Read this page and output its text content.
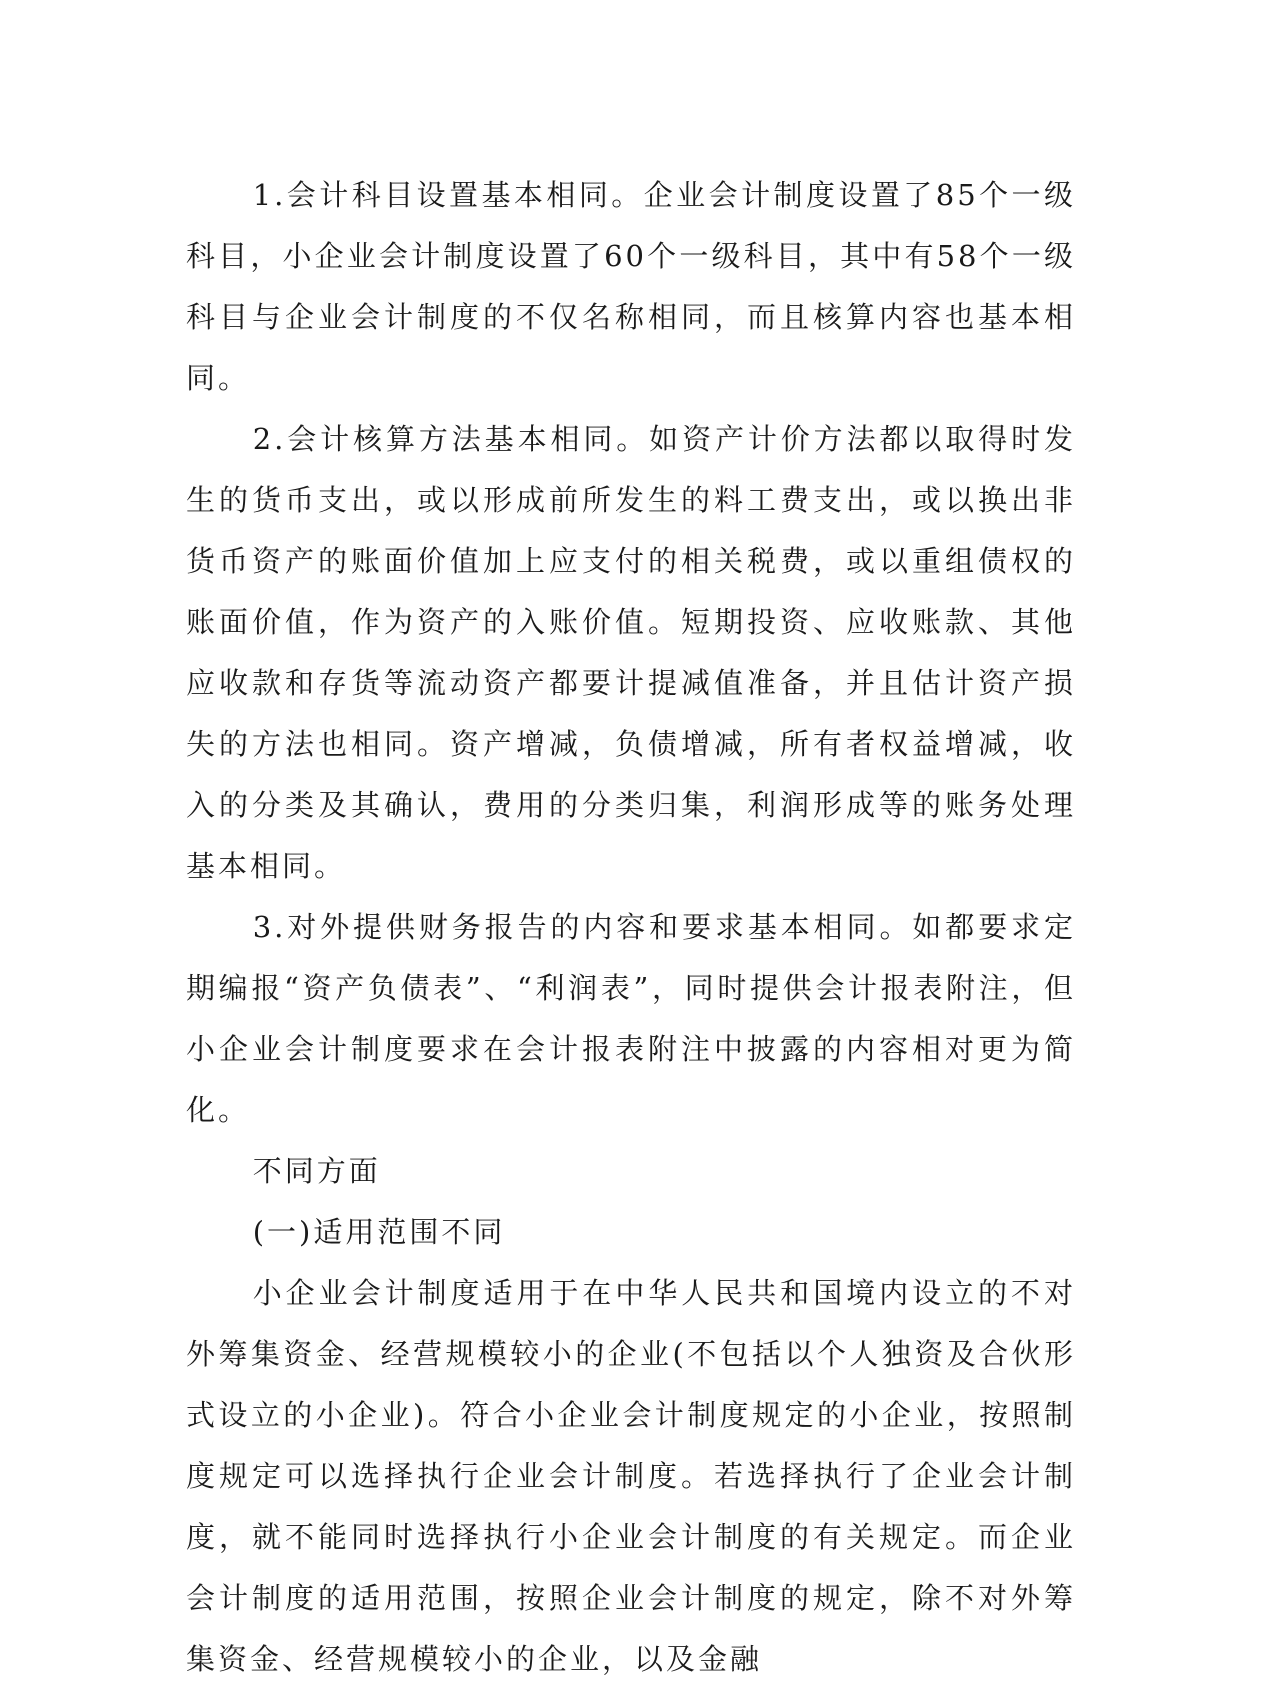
1.会计科目设置基本相同。企业会计制度设置了85个一级科目，小企业会计制度设置了60个一级科目，其中有58个一级科目与企业会计制度的不仅名称相同，而且核算内容也基本相同。

2.会计核算方法基本相同。如资产计价方法都以取得时发生的货币支出，或以形成前所发生的料工费支出，或以换出非货币资产的账面价值加上应支付的相关税费，或以重组债权的账面价值，作为资产的入账价值。短期投资、应收账款、其他应收款和存货等流动资产都要计提减值准备，并且估计资产损失的方法也相同。资产增减，负债增减，所有者权益增减，收入的分类及其确认，费用的分类归集，利润形成等的账务处理基本相同。

3.对外提供财务报告的内容和要求基本相同。如都要求定期编报“资产负债表”、“利润表”，同时提供会计报表附注，但小企业会计制度要求在会计报表附注中披露的内容相对更为简化。

不同方面

(一)适用范围不同

小企业会计制度适用于在中华人民共和国境内设立的不对外筹集资金、经营规模较小的企业(不包括以个人独资及合伙形式设立的小企业)。符合小企业会计制度规定的小企业，按照制度规定可以选择执行企业会计制度。若选择执行了企业会计制度，就不能同时选择执行小企业会计制度的有关规定。而企业会计制度的适用范围，按照企业会计制度的规定，除不对外筹集资金、经营规模较小的企业，以及金融
